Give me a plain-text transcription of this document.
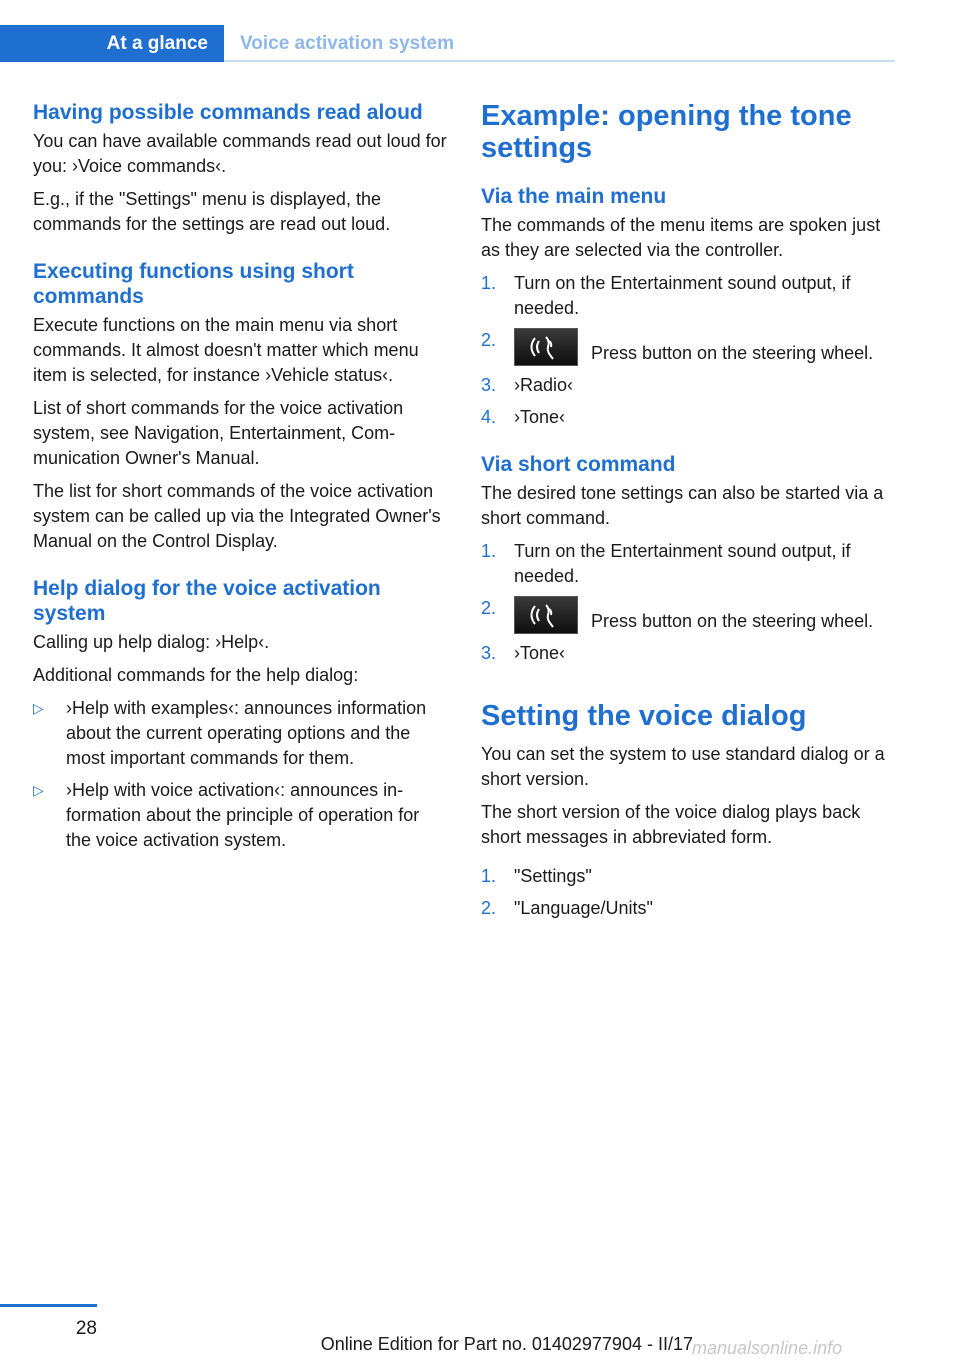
At a glance	Voice activation system
Having possible commands read aloud

You can have available commands read out loud for you: ›Voice commands‹.

E.g., if the "Settings" menu is displayed, the commands for the settings are read out loud.

Executing functions using short commands

Execute functions on the main menu via short commands. It almost doesn't matter which menu item is selected, for instance ›Vehicle status‹.

List of short commands for the voice activation system, see Navigation, Entertainment, Communication Owner's Manual.

The list for short commands of the voice activation system can be called up via the Integrated Owner's Manual on the Control Display.

Help dialog for the voice activation system

Calling up help dialog: ›Help‹.

Additional commands for the help dialog:

▷	›Help with examples‹: announces information about the current operating options and the most important commands for them.
▷	›Help with voice activation‹: announces information about the principle of operation for the voice activation system.
Example: opening the tone settings
Via the main menu

The commands of the menu items are spoken just as they are selected via the controller.

1. Turn on the Entertainment sound output, if needed.
2.
Press button on the steering wheel.
3. ›Radio‹
4. ›Tone‹
Via short command

The desired tone settings can also be started via a short command.

1. Turn on the Entertainment sound output, if needed.
2.
Press button on the steering wheel.
3. ›Tone‹
Setting the voice dialog

You can set the system to use standard dialog or a short version.

The short version of the voice dialog plays back short messages in abbreviated form.

1. "Settings"
2. "Language/Units"
28
Online Edition for Part no. 01402977904 - II/17 manualsonline.info
